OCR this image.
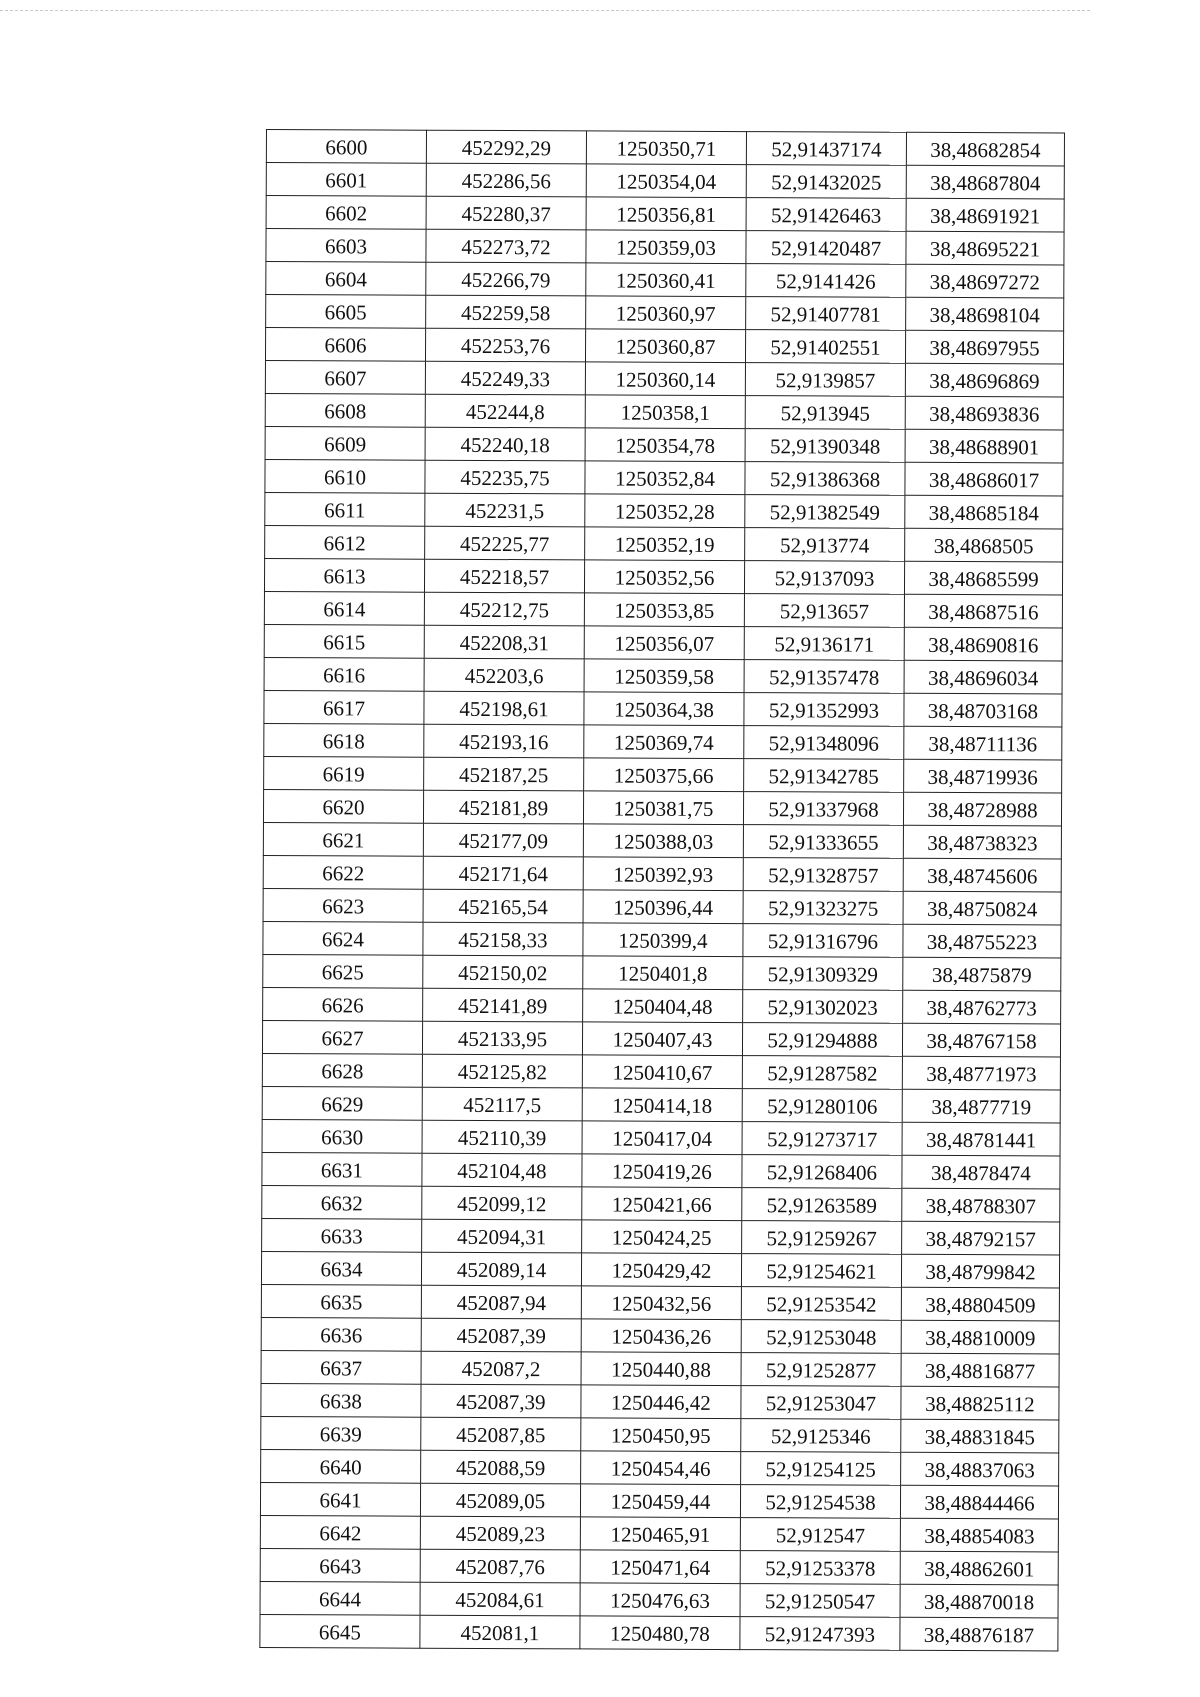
6600	452292,29	1250350,71	52,91437174	38,48682854
6601	452286,56	1250354,04	52,91432025	38,48687804
6602	452280,37	1250356,81	52,91426463	38,48691921
6603	452273,72	1250359,03	52,91420487	38,48695221
6604	452266,79	1250360,41	52,9141426	38,48697272
6605	452259,58	1250360,97	52,91407781	38,48698104
6606	452253,76	1250360,87	52,91402551	38,48697955
6607	452249,33	1250360,14	52,9139857	38,48696869
6608	452244,8	1250358,1	52,913945	38,48693836
6609	452240,18	1250354,78	52,91390348	38,48688901
6610	452235,75	1250352,84	52,91386368	38,48686017
6611	452231,5	1250352,28	52,91382549	38,48685184
6612	452225,77	1250352,19	52,913774	38,4868505
6613	452218,57	1250352,56	52,9137093	38,48685599
6614	452212,75	1250353,85	52,913657	38,48687516
6615	452208,31	1250356,07	52,9136171	38,48690816
6616	452203,6	1250359,58	52,91357478	38,48696034
6617	452198,61	1250364,38	52,91352993	38,48703168
6618	452193,16	1250369,74	52,91348096	38,48711136
6619	452187,25	1250375,66	52,91342785	38,48719936
6620	452181,89	1250381,75	52,91337968	38,48728988
6621	452177,09	1250388,03	52,91333655	38,48738323
6622	452171,64	1250392,93	52,91328757	38,48745606
6623	452165,54	1250396,44	52,91323275	38,48750824
6624	452158,33	1250399,4	52,91316796	38,48755223
6625	452150,02	1250401,8	52,91309329	38,4875879
6626	452141,89	1250404,48	52,91302023	38,48762773
6627	452133,95	1250407,43	52,91294888	38,48767158
6628	452125,82	1250410,67	52,91287582	38,48771973
6629	452117,5	1250414,18	52,91280106	38,4877719
6630	452110,39	1250417,04	52,91273717	38,48781441
6631	452104,48	1250419,26	52,91268406	38,4878474
6632	452099,12	1250421,66	52,91263589	38,48788307
6633	452094,31	1250424,25	52,91259267	38,48792157
6634	452089,14	1250429,42	52,91254621	38,48799842
6635	452087,94	1250432,56	52,91253542	38,48804509
6636	452087,39	1250436,26	52,91253048	38,48810009
6637	452087,2	1250440,88	52,91252877	38,48816877
6638	452087,39	1250446,42	52,91253047	38,48825112
6639	452087,85	1250450,95	52,9125346	38,48831845
6640	452088,59	1250454,46	52,91254125	38,48837063
6641	452089,05	1250459,44	52,91254538	38,48844466
6642	452089,23	1250465,91	52,912547	38,48854083
6643	452087,76	1250471,64	52,91253378	38,48862601
6644	452084,61	1250476,63	52,91250547	38,48870018
6645	452081,1	1250480,78	52,91247393	38,48876187
